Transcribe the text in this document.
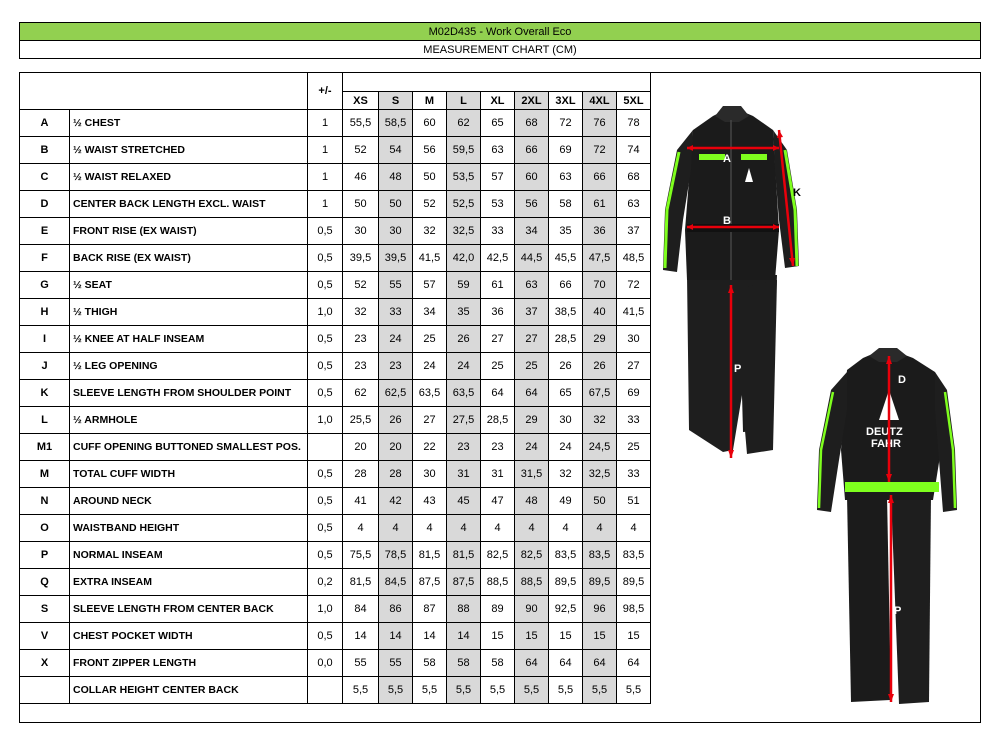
M02D435 - Work Overall Eco
MEASUREMENT CHART (CM)
		+/-									
			XS	S	M	L	XL	2XL	3XL	4XL	5XL
A	½ CHEST	1	55,5	58,5	60	62	65	68	72	76	78
B	½ WAIST STRETCHED	1	52	54	56	59,5	63	66	69	72	74
C	½ WAIST RELAXED	1	46	48	50	53,5	57	60	63	66	68
D	CENTER BACK LENGTH EXCL. WAIST	1	50	50	52	52,5	53	56	58	61	63
E	FRONT RISE (EX WAIST)	0,5	30	30	32	32,5	33	34	35	36	37
F	BACK RISE (EX WAIST)	0,5	39,5	39,5	41,5	42,0	42,5	44,5	45,5	47,5	48,5
G	½ SEAT	0,5	52	55	57	59	61	63	66	70	72
H	½ THIGH	1,0	32	33	34	35	36	37	38,5	40	41,5
I	½ KNEE AT HALF INSEAM	0,5	23	24	25	26	27	27	28,5	29	30
J	½ LEG OPENING	0,5	23	23	24	24	25	25	26	26	27
K	SLEEVE LENGTH FROM SHOULDER POINT	0,5	62	62,5	63,5	63,5	64	64	65	67,5	69
L	½ ARMHOLE	1,0	25,5	26	27	27,5	28,5	29	30	32	33
M1	CUFF OPENING BUTTONED SMALLEST POS.		20	20	22	23	23	24	24	24,5	25
M	TOTAL CUFF WIDTH	0,5	28	28	30	31	31	31,5	32	32,5	33
N	AROUND NECK	0,5	41	42	43	45	47	48	49	50	51
O	WAISTBAND HEIGHT	0,5	4	4	4	4	4	4	4	4	4
P	NORMAL INSEAM	0,5	75,5	78,5	81,5	81,5	82,5	82,5	83,5	83,5	83,5
Q	EXTRA INSEAM	0,2	81,5	84,5	87,5	87,5	88,5	88,5	89,5	89,5	89,5
S	SLEEVE LENGTH FROM CENTER BACK	1,0	84	86	87	88	89	90	92,5	96	98,5
V	CHEST POCKET WIDTH	0,5	14	14	14	14	15	15	15	15	15
X	FRONT ZIPPER LENGTH	0,0	55	55	58	58	58	64	64	64	64
	COLLAR HEIGHT CENTER BACK		5,5	5,5	5,5	5,5	5,5	5,5	5,5	5,5	5,5
A
B
K
P
DEUTZ
FAHR
D
P
